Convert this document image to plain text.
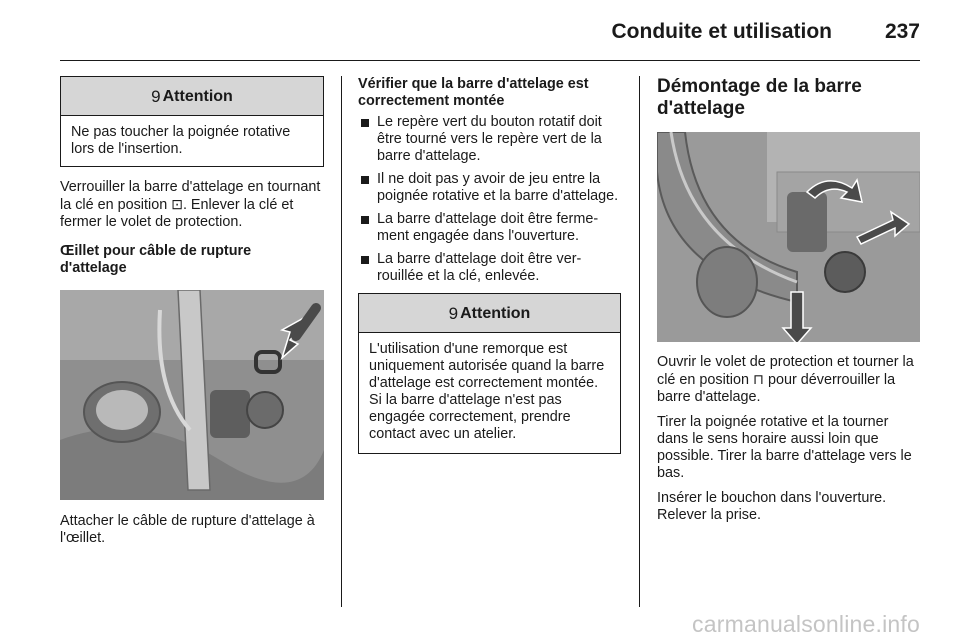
Conduite et utilisation	237
9 Attention
Ne pas toucher la poignée rotative lors de l'insertion.

Verrouiller la barre d'attelage en tournant la clé en position ⊡. Enlever la clé et fermer le volet de protection.

Œillet pour câble de rupture d'attelage

Attacher le câble de rupture d'attelage à l'œillet.

Vérifier que la barre d'attelage est correctement montée
Le repère vert du bouton rotatif doit être tourné vers le repère vert de la barre d'attelage.
Il ne doit pas y avoir de jeu entre la poignée rotative et la barre d'attelage.
La barre d'attelage doit être fermement engagée dans l'ouverture.
La barre d'attelage doit être verrouillée et la clé, enlevée.
9 Attention
L'utilisation d'une remorque est uniquement autorisée quand la barre d'attelage est correctement montée. Si la barre d'attelage n'est pas engagée correctement, prendre contact avec un atelier.
Démontage de la barre d'attelage

Ouvrir le volet de protection et tourner la clé en position ⊓ pour déverrouiller la barre d'attelage.

Tirer la poignée rotative et la tourner dans le sens horaire aussi loin que possible. Tirer la barre d'attelage vers le bas.

Insérer le bouchon dans l'ouverture. Relever la prise.

carmanualsonline.info
